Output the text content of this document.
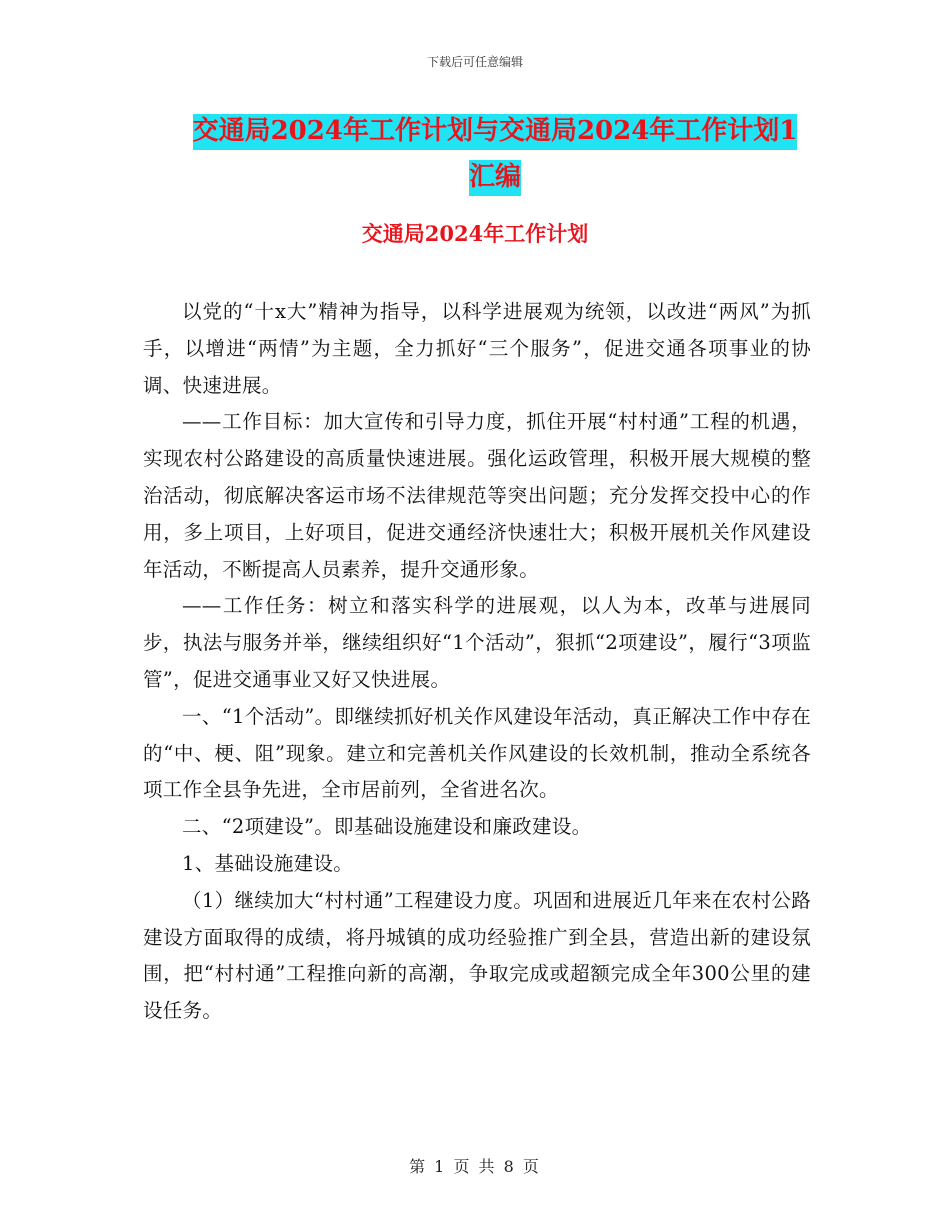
下载后可任意编辑
交通局2024年工作计划与交通局2024年工作计划1
汇编
交通局2024年工作计划

以党的“十x大”精神为指导，以科学进展观为统领，以改进“两风”为抓手，以增进“两情”为主题，全力抓好“三个服务”，促进交通各项事业的协调、快速进展。

——工作目标：加大宣传和引导力度，抓住开展“村村通”工程的机遇，实现农村公路建设的高质量快速进展。强化运政管理，积极开展大规模的整治活动，彻底解决客运市场不法律规范等突出问题；充分发挥交投中心的作用，多上项目，上好项目，促进交通经济快速壮大；积极开展机关作风建设年活动，不断提高人员素养，提升交通形象。

——工作任务：树立和落实科学的进展观，以人为本，改革与进展同步，执法与服务并举，继续组织好“1个活动”，狠抓“2项建设”，履行“3项监管”，促进交通事业又好又快进展。

一、“1个活动”。即继续抓好机关作风建设年活动，真正解决工作中存在的“中、梗、阻”现象。建立和完善机关作风建设的长效机制，推动全系统各项工作全县争先进，全市居前列，全省进名次。

二、“2项建设”。即基础设施建设和廉政建设。

1、基础设施建设。

（1）继续加大“村村通”工程建设力度。巩固和进展近几年来在农村公路建设方面取得的成绩，将丹城镇的成功经验推广到全县，营造出新的建设氛围，把“村村通”工程推向新的高潮，争取完成或超额完成全年300公里的建设任务。

第 1 页 共 8 页
